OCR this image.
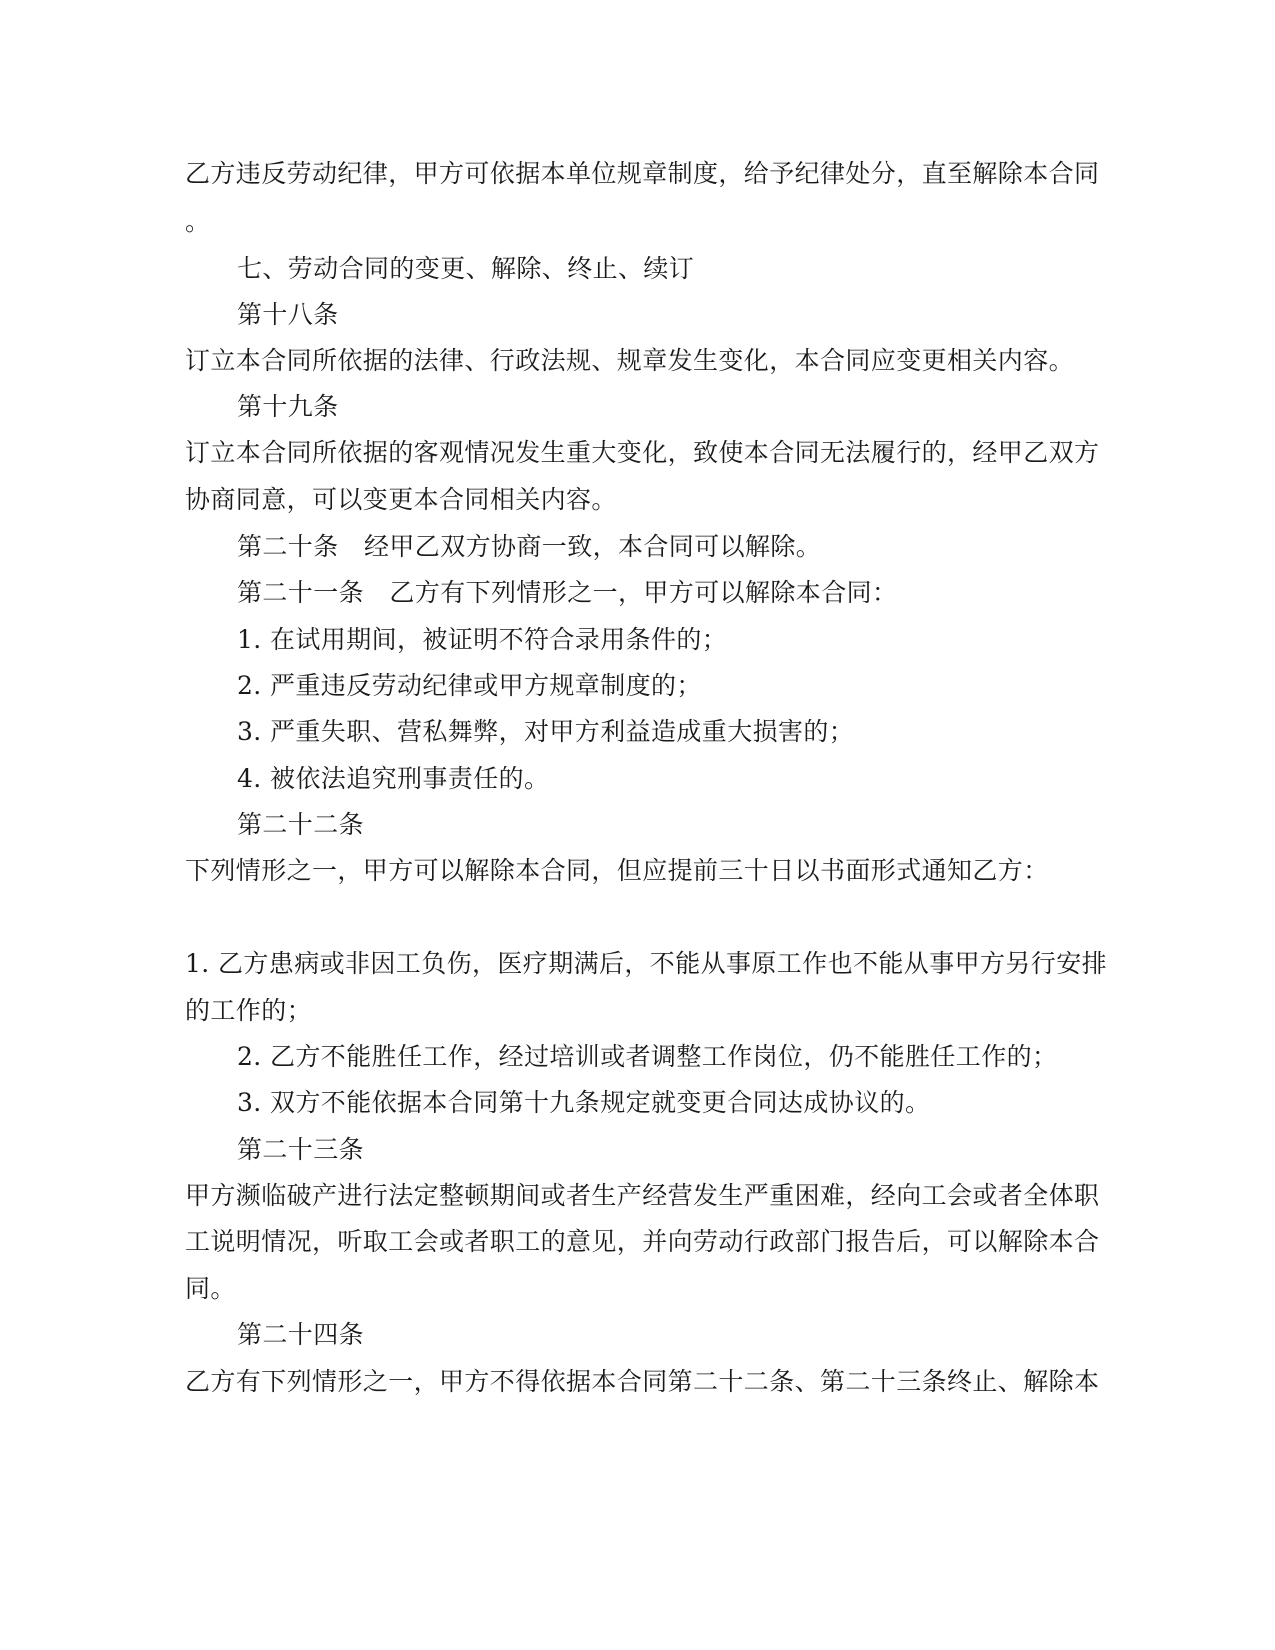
乙方违反劳动纪律，甲方可依据本单位规章制度，给予纪律处分，直至解除本合同
。
七、劳动合同的变更、解除、终止、续订
第十八条
订立本合同所依据的法律、行政法规、规章发生变化，本合同应变更相关内容。
第十九条
订立本合同所依据的客观情况发生重大变化，致使本合同无法履行的，经甲乙双方
协商同意，可以变更本合同相关内容。
第二十条　经甲乙双方协商一致，本合同可以解除。
第二十一条　乙方有下列情形之一，甲方可以解除本合同：
1. 在试用期间，被证明不符合录用条件的；
2. 严重违反劳动纪律或甲方规章制度的；
3. 严重失职、营私舞弊，对甲方利益造成重大损害的；
4. 被依法追究刑事责任的。
第二十二条
下列情形之一，甲方可以解除本合同，但应提前三十日以书面形式通知乙方：
1. 乙方患病或非因工负伤，医疗期满后，不能从事原工作也不能从事甲方另行安排
的工作的；
2. 乙方不能胜任工作，经过培训或者调整工作岗位，仍不能胜任工作的；
3. 双方不能依据本合同第十九条规定就变更合同达成协议的。
第二十三条
甲方濒临破产进行法定整顿期间或者生产经营发生严重困难，经向工会或者全体职
工说明情况，听取工会或者职工的意见，并向劳动行政部门报告后，可以解除本合
同。
第二十四条
乙方有下列情形之一，甲方不得依据本合同第二十二条、第二十三条终止、解除本
